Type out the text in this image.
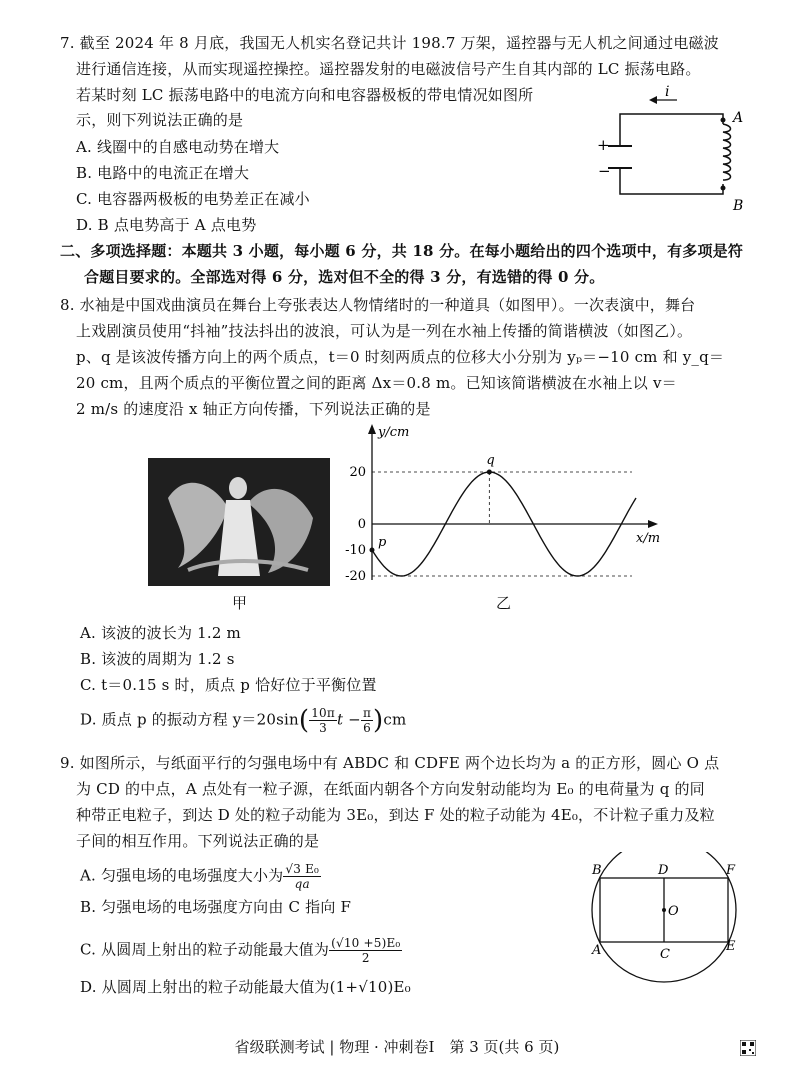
7. 截至 2024 年 8 月底，我国无人机实名登记共计 198.7 万架，遥控器与无人机之间通过电磁波
进行通信连接，从而实现遥控操控。遥控器发射的电磁波信号产生自其内部的 LC 振荡电路。
若某时刻 LC 振荡电路中的电流方向和电容器极板的带电情况如图所
示，则下列说法正确的是
A. 线圈中的自感电动势在增大
B. 电路中的电流正在增大
C. 电容器两极板的电势差正在减小
D. B 点电势高于 A 点电势
i
+
−
A
B
二、多项选择题：本题共 3 小题，每小题 6 分，共 18 分。在每小题给出的四个选项中，有多项是符
合题目要求的。全部选对得 6 分，选对但不全的得 3 分，有选错的得 0 分。
8. 水袖是中国戏曲演员在舞台上夸张表达人物情绪时的一种道具（如图甲）。一次表演中，舞台
上戏剧演员使用“抖袖”技法抖出的波浪，可认为是一列在水袖上传播的简谐横波（如图乙）。
p、q 是该波传播方向上的两个质点，t＝0 时刻两质点的位移大小分别为 yₚ＝−10 cm 和 y_q＝
20 cm，且两个质点的平衡位置之间的距离 Δx＝0.8 m。已知该简谐横波在水袖上以 v＝
2 m/s 的速度沿 x 轴正方向传播，下列说法正确的是
甲
q
p
20
0
-10
-20
y/cm
x/m
乙
A. 该波的波长为 1.2 m
B. 该波的周期为 1.2 s
C. t＝0.15 s 时，质点 p 恰好位于平衡位置
D. 质点 p 的振动方程 $y=20\sin( \frac{10\pi}{3}$ $t - \frac{\pi}{6} )cm$
9. 如图所示，与纸面平行的匀强电场中有 ABDC 和 CDFE 两个边长均为 a 的正方形，圆心 O 点
为 CD 的中点，A 点处有一粒子源，在纸面内朝各个方向发射动能均为 E₀ 的电荷量为 q 的同
种带正电粒子，到达 D 处的粒子动能为 3E₀，到达 F 处的粒子动能为 4E₀，不计粒子重力及粒
子间的相互作用。下列说法正确的是
A. 匀强电场的电场强度大小为 $\frac{\text{√3 E₀}}{qa}$
B. 匀强电场的电场强度方向由 C 指向 F
C. 从圆周上射出的粒子动能最大值为 $\frac{\text{(√10 +5)E₀}}{2}$
D. 从圆周上射出的粒子动能最大值为(1+√10)E₀
B	D	F
A	C
E
O
省级联测考试 | 物理 · 冲刺卷Ⅰ　第 3 页(共 6 页)
